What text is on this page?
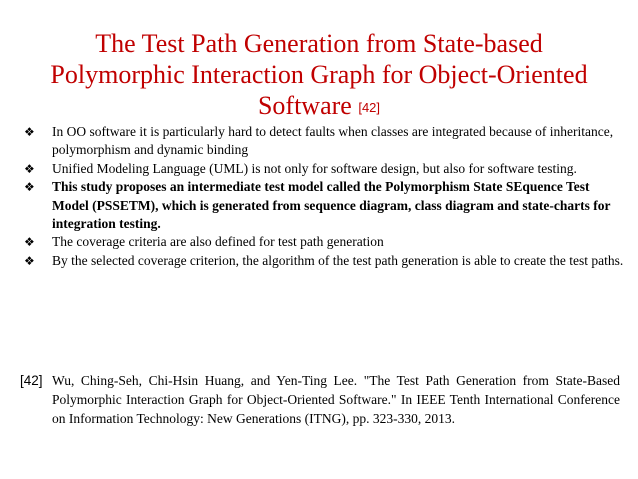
The Test Path Generation from State-based
Polymorphic Interaction Graph for Object-Oriented
Software [42]
❖	In OO software it is particularly hard to detect faults when classes are integrated because of inheritance, polymorphism and dynamic binding
❖	Unified Modeling Language (UML) is not only for software design, but also for software testing.
❖	This study proposes an intermediate test model called the Polymorphism State SEquence Test Model (PSSETM), which is generated from sequence diagram, class diagram and state-charts for integration testing.
❖	The coverage criteria are also defined for test path generation
❖	By the selected coverage criterion, the algorithm of the test path generation is able to create the test paths.
[42] Wu, Ching-Seh, Chi-Hsin Huang, and Yen-Ting Lee. "The Test Path Generation from State-Based Polymorphic Interaction Graph for Object-Oriented Software." In IEEE Tenth International Conference on Information Technology: New Generations (ITNG), pp. 323-330, 2013.
